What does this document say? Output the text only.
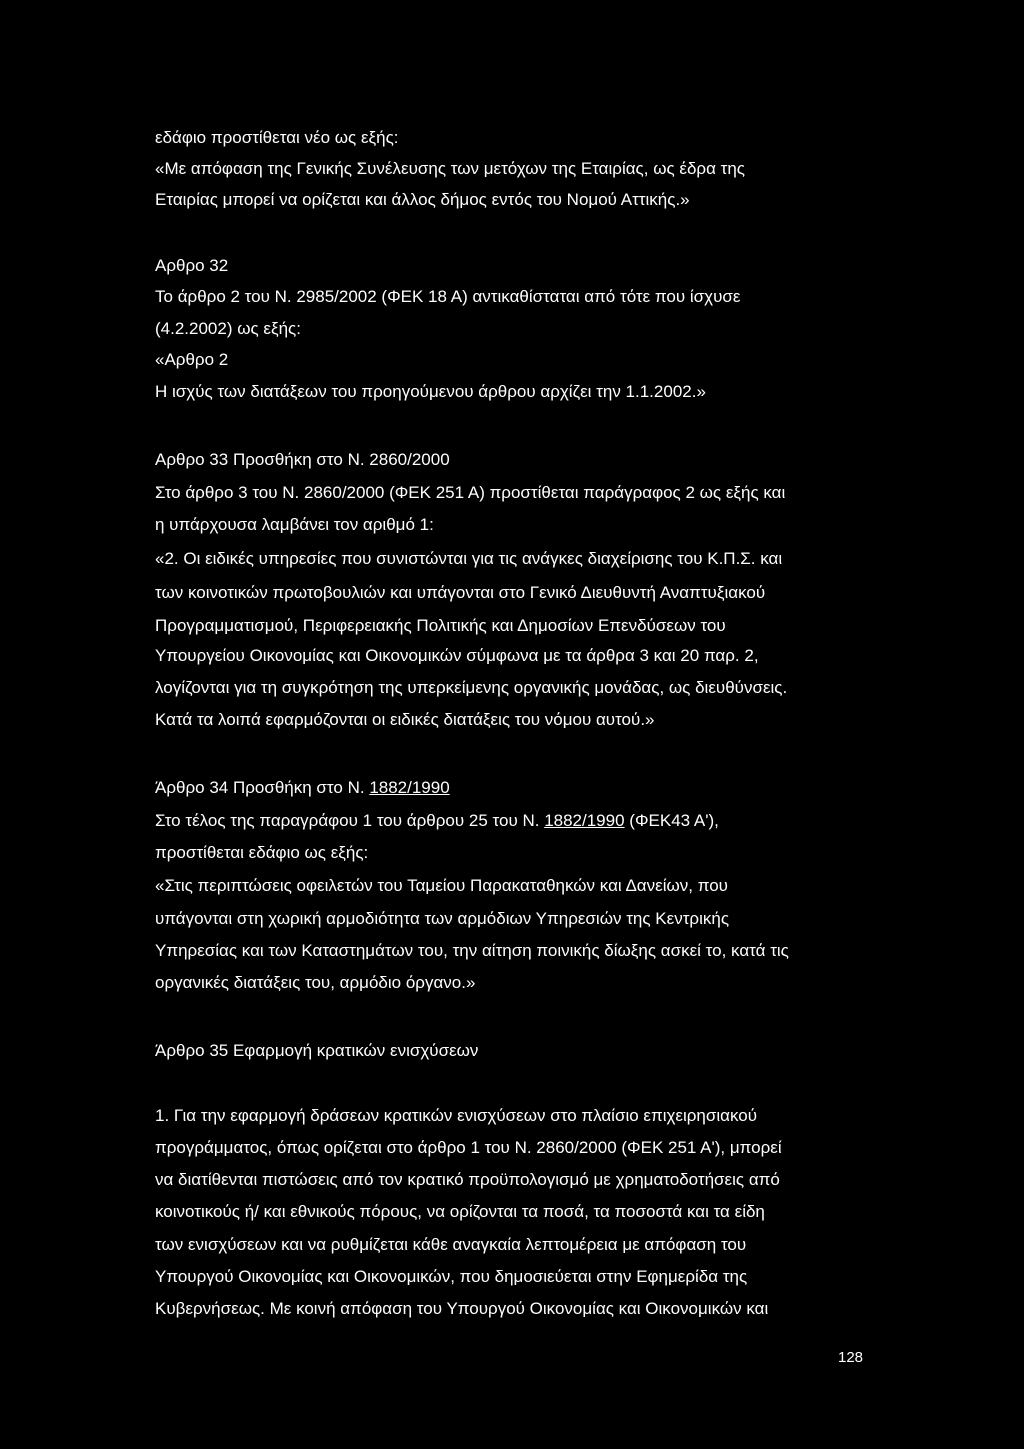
εδάφιο προστίθεται νέο ως εξής:
«Με απόφαση της Γενικής Συνέλευσης των μετόχων της Εταιρίας, ως έδρα της
Εταιρίας μπορεί να ορίζεται και άλλος δήμος εντός του Νομού Αττικής.»
Αρθρο 32
Το άρθρο 2 του Ν. 2985/2002 (ΦΕΚ 18 Α) αντικαθίσταται από τότε που ίσχυσε
(4.2.2002) ως εξής:
«Αρθρο 2
Η ισχύς των διατάξεων του προηγούμενου άρθρου αρχίζει την 1.1.2002.»
Αρθρο 33 Προσθήκη στο Ν. 2860/2000
Στο άρθρο 3 του Ν. 2860/2000 (ΦΕΚ 251 Α) προστίθεται παράγραφος 2 ως εξής και
η υπάρχουσα λαμβάνει τον αριθμό 1:
«2. Οι ειδικές υπηρεσίες που συνιστώνται για τις ανάγκες διαχείρισης του Κ.Π.Σ. και
των κοινοτικών πρωτοβουλιών και υπάγονται στο Γενικό Διευθυντή Αναπτυξιακού
Προγραμματισμού, Περιφερειακής Πολιτικής και Δημοσίων Επενδύσεων του
Υπουργείου Οικονομίας και Οικονομικών σύμφωνα με τα άρθρα 3 και 20 παρ. 2,
λογίζονται για τη συγκρότηση της υπερκείμενης οργανικής μονάδας, ως διευθύνσεις.
Κατά τα λοιπά εφαρμόζονται οι ειδικές διατάξεις του νόμου αυτού.»
Άρθρο 34 Προσθήκη στο Ν. 1882/1990
Στο τέλος της παραγράφου 1 του άρθρου 25 του Ν. 1882/1990 (ΦΕΚ43 Α'),
προστίθεται εδάφιο ως εξής:
«Στις περιπτώσεις οφειλετών του Ταμείου Παρακαταθηκών και Δανείων, που
υπάγονται στη χωρική αρμοδιότητα των αρμόδιων Υπηρεσιών της Κεντρικής
Υπηρεσίας και των Καταστημάτων του, την αίτηση ποινικής δίωξης ασκεί το, κατά τις
οργανικές διατάξεις του, αρμόδιο όργανο.»
Άρθρο 35 Εφαρμογή κρατικών ενισχύσεων
1. Για την εφαρμογή δράσεων κρατικών ενισχύσεων στο πλαίσιο επιχειρησιακού
προγράμματος, όπως ορίζεται στο άρθρο 1 του Ν. 2860/2000 (ΦΕΚ 251 Α'), μπορεί
να διατίθενται πιστώσεις από τον κρατικό προϋπολογισμό με χρηματοδοτήσεις από
κοινοτικούς ή/ και εθνικούς πόρους, να ορίζονται τα ποσά, τα ποσοστά και τα είδη
των ενισχύσεων και να ρυθμίζεται κάθε αναγκαία λεπτομέρεια με απόφαση του
Υπουργού Οικονομίας και Οικονομικών, που δημοσιεύεται στην Εφημερίδα της
Κυβερνήσεως. Με κοινή απόφαση του Υπουργού Οικονομίας και Οικονομικών και
128
